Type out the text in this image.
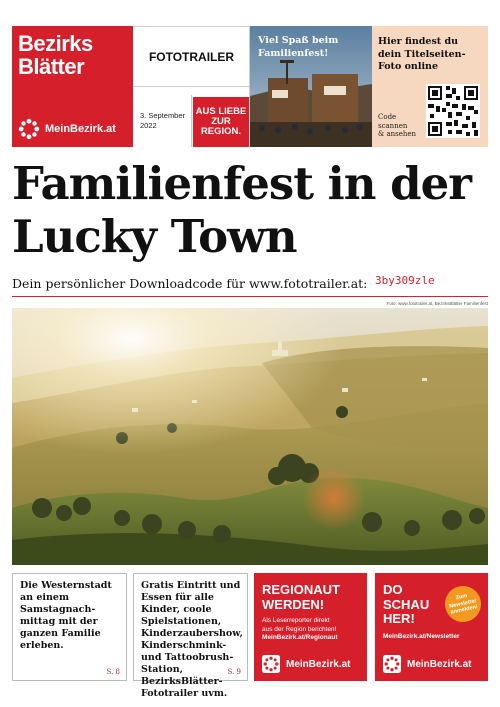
Bezirks
Blätter
MeinBezirk.at
FOTOTRAILER
3. September
2022
AUS LIEBE
ZUR
REGION.
Viel Spaß beim Familienfest!
Hier findest du dein Titelseiten-Foto online
Code
scannen
& ansehen
Familienfest in der
Lucky Town
Dein persönlicher Downloadcode für www.fototrailer.at: 3by309zle
Foto: www.fototrailer.at, BezirksBlätter Familienfest
Die Westernstadt an einem Samstagnach-mittag mit der ganzen Familie erleben.
S. 8
Gratis Eintritt und Essen für alle Kinder, coole Spielstationen, Kinderzaubershow, Kinderschmink- und Tattoobrush-Station, BezirksBlätter-Fototrailer uvm.
S. 9
REGIONAUT
WERDEN!
Als Leserreporter direkt
aus der Region berichten!
MeinBezirk.at/Regionaut
MeinBezirk.at
DO
SCHAU
HER!
MeinBezirk.at/Newsletter
Zum Newsletter anmelden!
MeinBezirk.at
